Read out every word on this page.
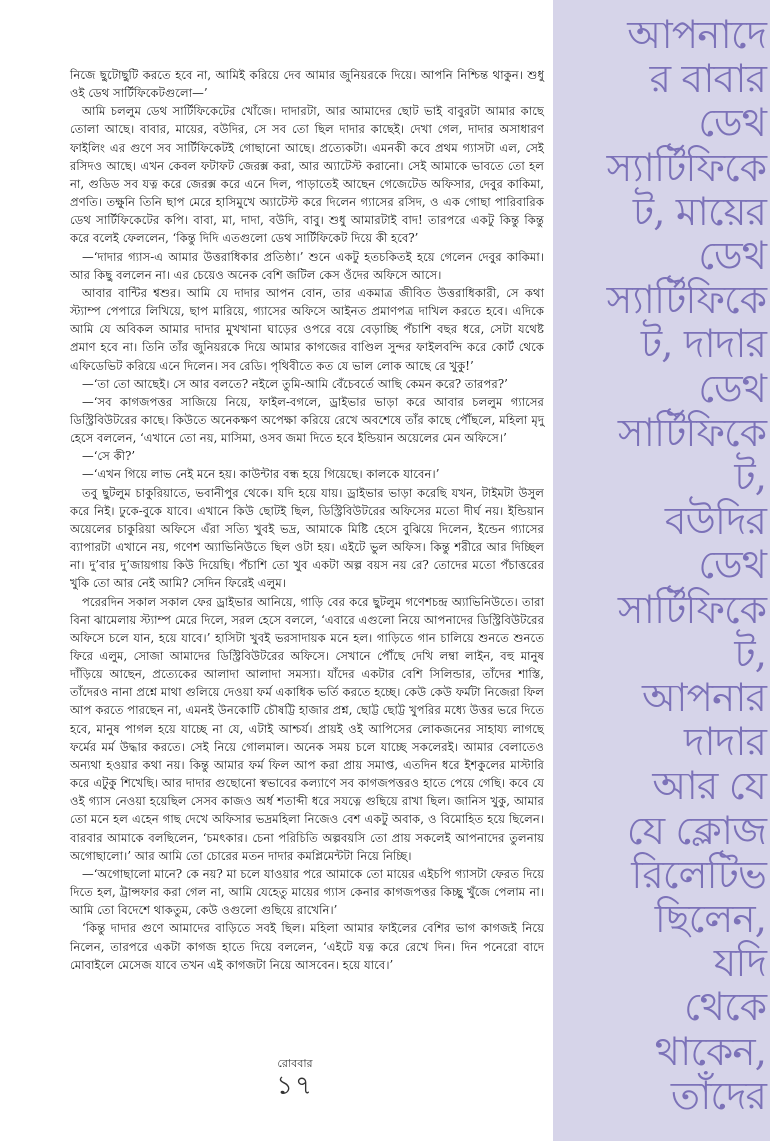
নিজে ছুটোছুটি করতে হবে না, আমিই করিয়ে দেব আমার জুনিয়রকে দিয়ে। আপনি নিশ্চিন্ত থাকুন। শুধু ওই ডেথ সার্টিফিকেটগুলো—’

আমি চললুম ডেথ সার্টিফিকেটের খোঁজে। দাদারটা, আর আমাদের ছোট ভাই বাবুরটা আমার কাছে তোলা আছে। বাবার, মায়ের, বউদির, সে সব তো ছিল দাদার কাছেই। দেখা গেল, দাদার অসাধারণ ফাইলিং এর গুণে সব সার্টিফিকেটই গোছানো আছে। প্রত্যেকটা। এমনকী কবে প্রথম গ্যাসটা এল, সেই রসিদও আছে। এখন কেবল ফটাফট জেরক্স করা, আর অ্যাটেস্ট করানো। সেই আমাকে ভাবতে তো হল না, গুডিড সব যত্ন করে জেরক্স করে এনে দিল, পাড়াতেই আছেন গেজেটেড অফিসার, দেবুর কাকিমা, প্রণতি। তক্ষুনি তিনি ছাপ মেরে হাসিমুখে অ্যাটেস্ট করে দিলেন গ্যাসের রসিদ, ও এক গোছা পারিবারিক ডেথ সার্টিফিকেটের কপি। বাবা, মা, দাদা, বউদি, বাবু। শুধু আমারটাই বাদ! তারপরে একটু কিন্তু কিন্তু করে বলেই ফেললেন, ‘কিন্তু দিদি এতগুলো ডেথ সার্টিফিকেট দিয়ে কী হবে?’

—‘দাদার গ্যাস-এ আমার উত্তরাধিকার প্রতিষ্ঠা।’ শুনে একটু হতচকিতই হয়ে গেলেন দেবুর কাকিমা। আর কিছু বললেন না। এর চেয়েও অনেক বেশি জটিল কেস ওঁদের অফিসে আসে।

আবার বান্টির শ্বশুর। আমি যে দাদার আপন বোন, তার একমাত্র জীবিত উত্তরাধিকারী, সে কথা স্ট্যাম্প পেপারে লিখিয়ে, ছাপ মারিয়ে, গ্যাসের অফিসে আইনত প্রমাণপত্র দাখিল করতে হবে। এদিকে আমি যে অবিকল আমার দাদার মুখখানা ঘাড়ের ওপরে বয়ে বেড়াচ্ছি পঁচাশি বছর ধরে, সেটা যথেষ্ট প্রমাণ হবে না। তিনি তাঁর জুনিয়রকে দিয়ে আমার কাগজের বাণ্ডিল সুন্দর ফাইলবন্দি করে কোর্ট থেকে এফিডেভিট করিয়ে এনে দিলেন। সব রেডি। পৃথিবীতে কত যে ভাল লোক আছে রে খুকু!’

—‘তা তো আছেই। সে আর বলতে? নইলে তুমি-আমি বেঁচেবর্তে আছি কেমন করে? তারপর?’

—‘সব কাগজপত্তর সাজিয়ে নিয়ে, ফাইল-বগলে, ড্রাইভার ভাড়া করে আবার চললুম গ্যাসের ডিস্ট্রিবিউটরের কাছে। কিউতে অনেকক্ষণ অপেক্ষা করিয়ে রেখে অবশেষে তাঁর কাছে পৌঁছলে, মহিলা মৃদু হেসে বললেন, ‘এখানে তো নয়, মাসিমা, ওসব জমা দিতে হবে ইন্ডিয়ান অয়েলের মেন অফিসে।’

—‘সে কী?’

—‘এখন গিয়ে লাভ নেই মনে হয়। কাউন্টার বন্ধ হয়ে গিয়েছে। কালকে যাবেন।’

তবু ছুটলুম চাকুরিয়াতে, ভবানীপুর থেকে। যদি হয়ে যায়। ড্রাইভার ভাড়া করেছি যখন, টাইমটা উসুল করে নিই। ঢুকে-বুকে যাবে। এখানে কিউ ছোটই ছিল, ডিস্ট্রিবিউটরের অফিসের মতো দীর্ঘ নয়। ইন্ডিয়ান অয়েলের চাকুরিয়া অফিসে এঁরা সত্যি খুবই ভদ্র, আমাকে মিষ্টি হেসে বুঝিয়ে দিলেন, ইন্ডেন গ্যাসের ব্যাপারটা এখানে নয়, গণেশ অ্যাভিনিউতে ছিল ওটা হয়। এইটে ভুল অফিস। কিন্তু শরীরে আর দিচ্ছিল না। দু’বার দু’জায়গায় কিউ দিয়েছি। পঁচাশি তো খুব একটা অল্প বয়স নয় রে? তোদের মতো পঁচাত্তরের খুকি তো আর নেই আমি? সেদিন ফিরেই এলুম।

পরেরদিন সকাল সকাল ফের ড্রাইভার আনিয়ে, গাড়ি বের করে ছুটলুম গণেশচন্দ্র অ্যাভিনিউতে। তারা বিনা ঝামেলায় স্ট্যাম্প মেরে দিলে, সরল হেসে বললে, ‘এবারে এগুলো নিয়ে আপনাদের ডিস্ট্রিবিউটরের অফিসে চলে যান, হয়ে যাবে।’ হাসিটা খুবই ভরসাদায়ক মনে হল। গাড়িতে গান চালিয়ে শুনতে শুনতে ফিরে এলুম, সোজা আমাদের ডিস্ট্রিবিউটরের অফিসে। সেখানে পৌঁছে দেখি লম্বা লাইন, বহু মানুষ দাঁড়িয়ে আছেন, প্রত্যেকের আলাদা আলাদা সমস্যা। যাঁদের একটার বেশি সিলিন্ডার, তাঁদের শাস্তি, তাঁদেরও নানা প্রশ্নে মাথা গুলিয়ে দেওয়া ফর্ম একাধিক ভর্তি করতে হচ্ছে। কেউ কেউ ফর্মটা নিজেরা ফিল আপ করতে পারছেন না, এমনই উনকোটি চৌষট্টি হাজার প্রশ্ন, ছোট্ট ছোট্ট খুপরির মধ্যে উত্তর ভরে দিতে হবে, মানুষ পাগল হয়ে যাচ্ছে না যে, এটাই আশ্চর্য। প্রায়ই ওই আপিসের লোকজনের সাহায্য লাগছে ফর্মের মর্ম উদ্ধার করতে। সেই নিয়ে গোলমাল। অনেক সময় চলে যাচ্ছে সকলেরই। আমার বেলাতেও অন্যথা হওয়ার কথা নয়। কিন্তু আমার ফর্ম ফিল আপ করা প্রায় সমাপ্ত, এতদিন ধরে ইশকুলের মাস্টারি করে এটুকু শিখেছি। আর দাদার গুছোনো স্বভাবের কল্যাণে সব কাগজপত্তরও হাতে পেয়ে গেছি। কবে যে ওই গ্যাস নেওয়া হয়েছিল সেসব কাজও অর্ধ শতাব্দী ধরে সযত্নে গুছিয়ে রাখা ছিল। জানিস খুকু, আমার তো মনে হল এহেন গাছ দেখে অফিসার ভদ্রমহিলা নিজেও বেশ একটু অবাক, ও বিমোহিত হয়ে ছিলেন। বারবার আমাকে বলছিলেন, ‘চমৎকার। চেনা পরিচিতি অল্পবয়সি তো প্রায় সকলেই আপনাদের তুলনায় অগোছালো।’ আর আমি তো চোরের মতন দাদার কমপ্লিমেন্টটা নিয়ে নিচ্ছি।

—‘অগোছালো মানে? কে নয়? মা চলে যাওয়ার পরে আমাকে তো মায়ের এইচপি গ্যাসটা ফেরত দিয়ে দিতে হল, ট্রান্সফার করা গেল না, আমি যেহেতু মায়ের গ্যাস কেনার কাগজপত্তর কিচ্ছু খুঁজে পেলাম না। আমি তো বিদেশে থাকতুম, কেউ ওগুলো গুছিয়ে রাখেনি।’

‘কিন্তু দাদার গুণে আমাদের বাড়িতে সবই ছিল। মহিলা আমার ফাইলের বেশির ভাগ কাগজই নিয়ে নিলেন, তারপরে একটা কাগজ হাতে দিয়ে বললেন, ‘এইটে যত্ন করে রেখে দিন। দিন পনেরো বাদে মোবাইলে মেসেজ যাবে তখন এই কাগজটা নিয়ে আসবেন। হয়ে যাবে।’

আপনাদে
র বাবার
ডেথ
স্যার্টিফিকে
ট, মায়ের
ডেথ
স্যার্টিফিকে
ট, দাদার
ডেথ
সার্টিফিকে
ট,
বউদির
ডেথ
সার্টিফিকে
ট,
আপনার
দাদার
আর যে
যে ক্লোজ
রিলেটিভ
ছিলেন,
যদি
থেকে
থাকেন,
তাঁদের
রোববার
১৭
